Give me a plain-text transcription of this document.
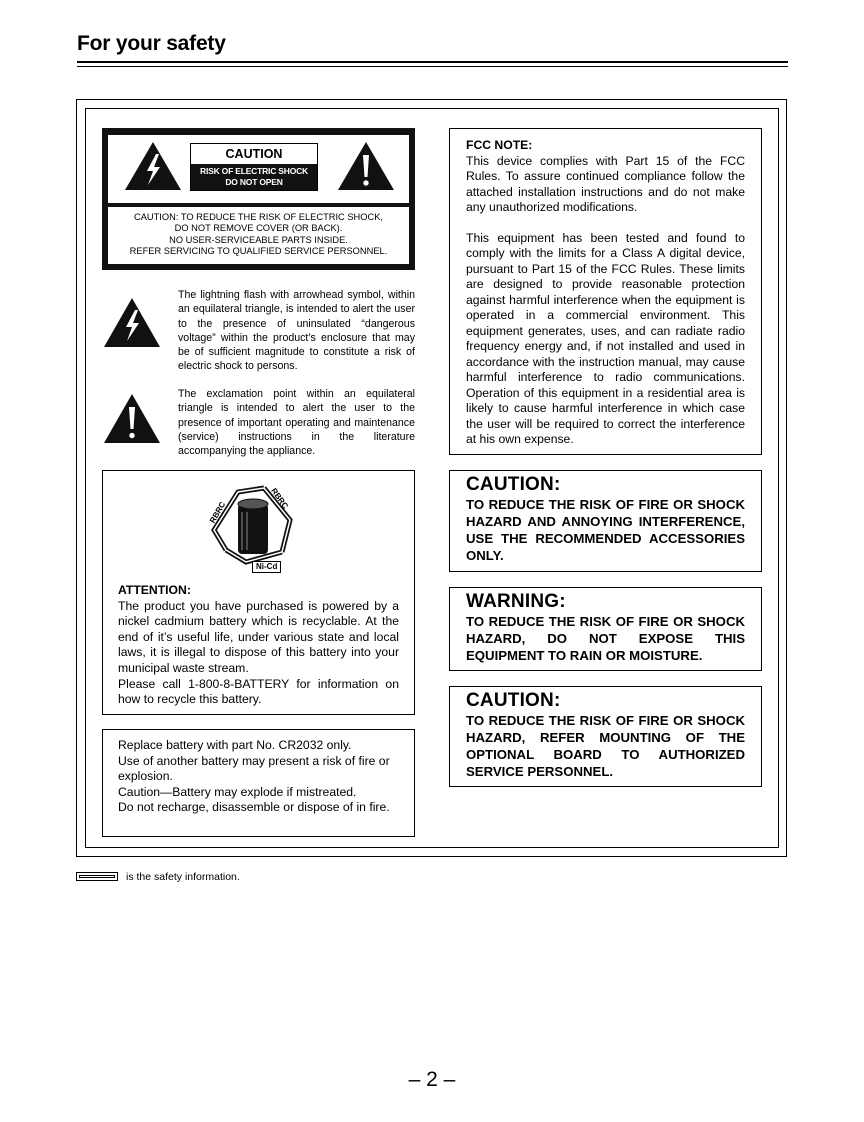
For your safety
CAUTION
RISK OF ELECTRIC SHOCK
DO NOT OPEN
CAUTION: TO REDUCE THE RISK OF ELECTRIC SHOCK,
DO NOT REMOVE COVER (OR BACK).
NO USER-SERVICEABLE PARTS INSIDE.
REFER SERVICING TO QUALIFIED SERVICE PERSONNEL.
The lightning flash with arrowhead symbol, within an equilateral triangle, is intended to alert the user to the presence of uninsulated “dangerous voltage” within the product’s enclosure that may be of sufficient magnitude to constitute a risk of electric shock to persons.
The exclamation point within an equilateral triangle is intended to alert the user to the presence of important operating and maintenance (service) instructions in the literature accompanying the appliance.
RBRC
RBRC
Ni-Cd
ATTENTION:
The product you have purchased is powered by a nickel cadmium battery which is recyclable. At the end of it’s useful life, under various state and local laws, it is illegal to dispose of this battery into your municipal waste stream.
Please call 1-800-8-BATTERY for information on how to recycle this battery.
Replace battery with part No. CR2032 only.
Use of another battery may present a risk of fire or explosion.
Caution—Battery may explode if mistreated.
Do not recharge, disassemble or dispose of in fire.
FCC NOTE:
This device complies with Part 15 of the FCC Rules. To assure continued compliance follow the attached installation instructions and do not make any unauthorized modifications.
This equipment has been tested and found to comply with the limits for a Class A digital device, pursuant to Part 15 of the FCC Rules. These limits are designed to provide reasonable protection against harmful interference when the equipment is operated in a commercial environment. This equipment generates, uses, and can radiate radio frequency energy and, if not installed and used in accordance with the instruction manual, may cause harmful interference to radio communications. Operation of this equipment in a residential area is likely to cause harmful interference in which case the user will be required to correct the interference at his own expense.
CAUTION:
TO REDUCE THE RISK OF FIRE OR SHOCK HAZARD AND ANNOYING INTERFERENCE, USE THE RECOMMENDED ACCESSORIES ONLY.
WARNING:
TO REDUCE THE RISK OF FIRE OR SHOCK HAZARD, DO NOT EXPOSE THIS EQUIPMENT TO RAIN OR MOISTURE.
CAUTION:
TO REDUCE THE RISK OF FIRE OR SHOCK HAZARD, REFER MOUNTING OF THE OPTIONAL BOARD TO AUTHORIZED SERVICE PERSONNEL.
is the safety information.
– 2 –
